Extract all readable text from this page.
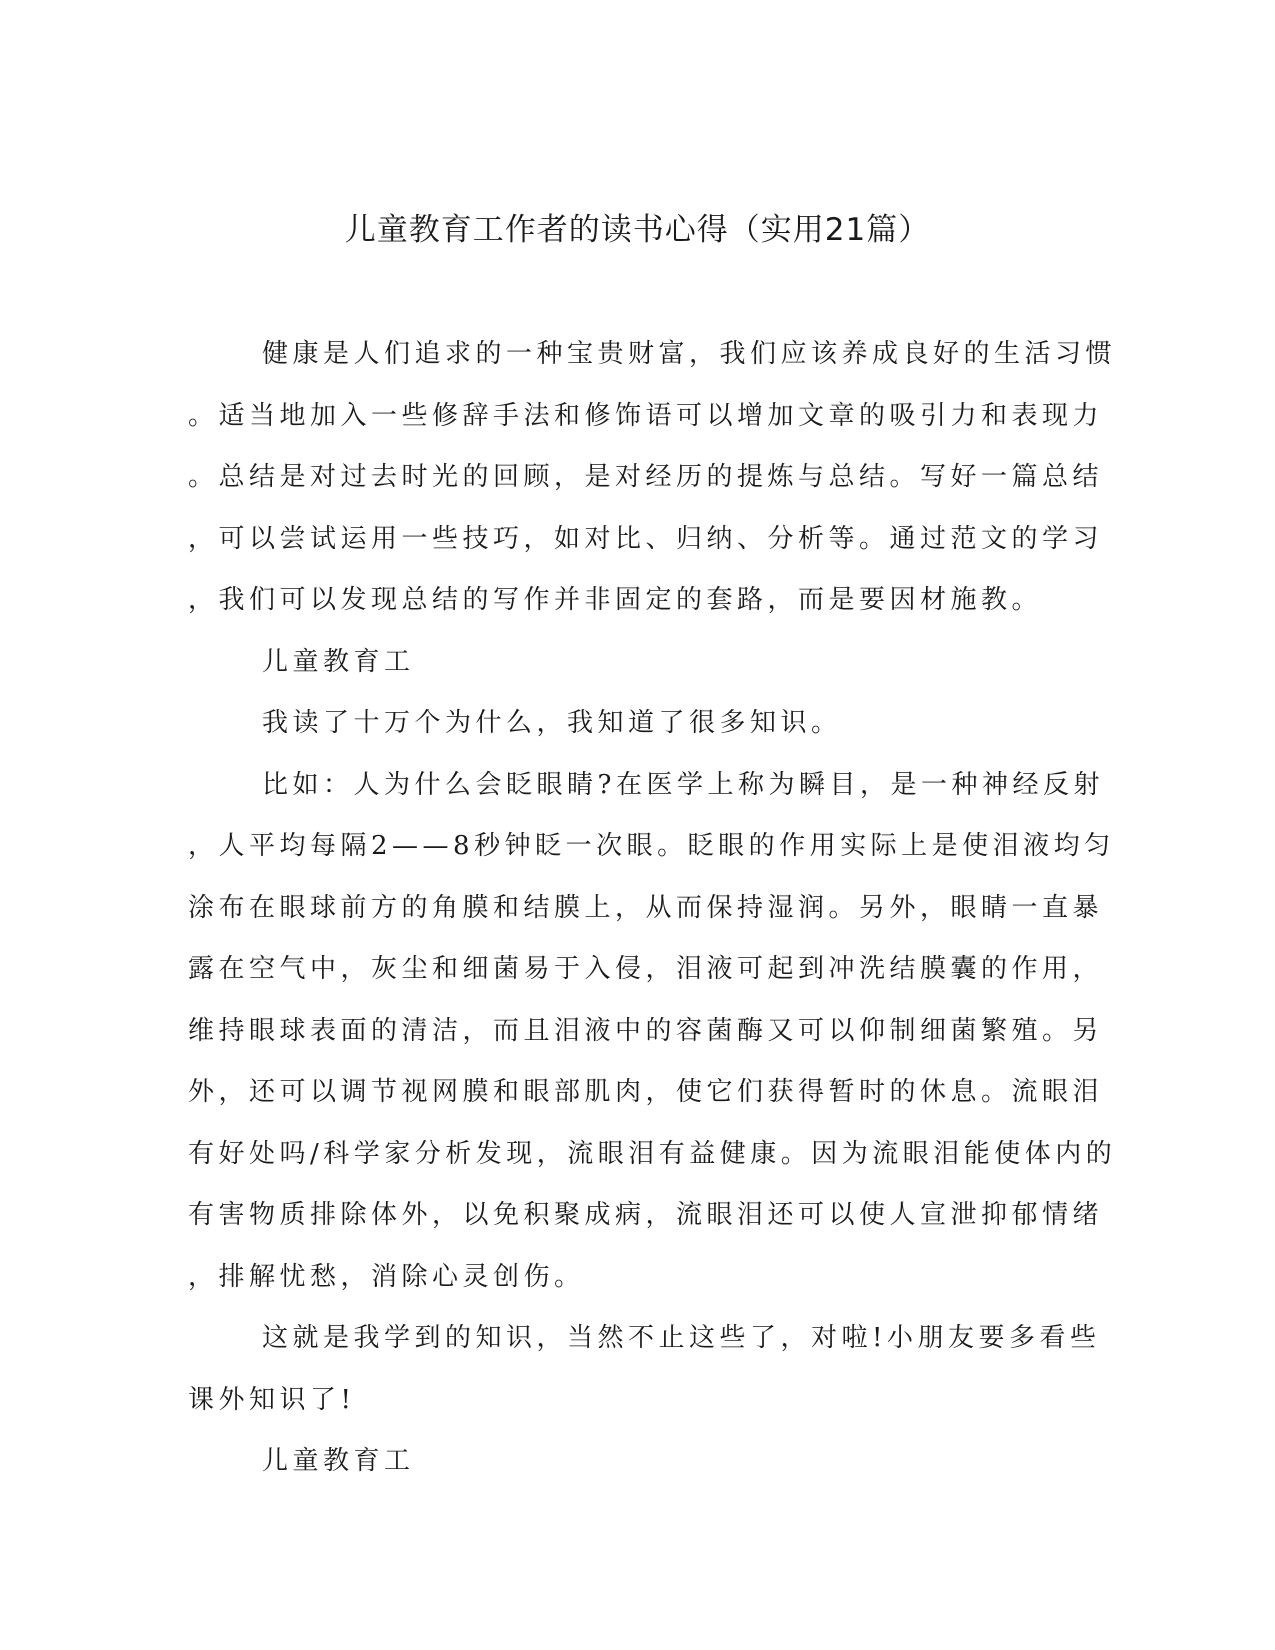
儿童教育工作者的读书心得（实用21篇）
健康是人们追求的一种宝贵财富，我们应该养成良好的生活习惯
。适当地加入一些修辞手法和修饰语可以增加文章的吸引力和表现力
。总结是对过去时光的回顾，是对经历的提炼与总结。写好一篇总结
，可以尝试运用一些技巧，如对比、归纳、分析等。通过范文的学习
，我们可以发现总结的写作并非固定的套路，而是要因材施教。
儿童教育工
我读了十万个为什么，我知道了很多知识。
比如：人为什么会眨眼睛?在医学上称为瞬目，是一种神经反射
，人平均每隔2——8秒钟眨一次眼。眨眼的作用实际上是使泪液均匀
涂布在眼球前方的角膜和结膜上，从而保持湿润。另外，眼睛一直暴
露在空气中，灰尘和细菌易于入侵，泪液可起到冲洗结膜囊的作用，
维持眼球表面的清洁，而且泪液中的容菌酶又可以仰制细菌繁殖。另
外，还可以调节视网膜和眼部肌肉，使它们获得暂时的休息。流眼泪
有好处吗/科学家分析发现，流眼泪有益健康。因为流眼泪能使体内的
有害物质排除体外，以免积聚成病，流眼泪还可以使人宣泄抑郁情绪
，排解忧愁，消除心灵创伤。
这就是我学到的知识，当然不止这些了，对啦!小朋友要多看些
课外知识了!
儿童教育工
